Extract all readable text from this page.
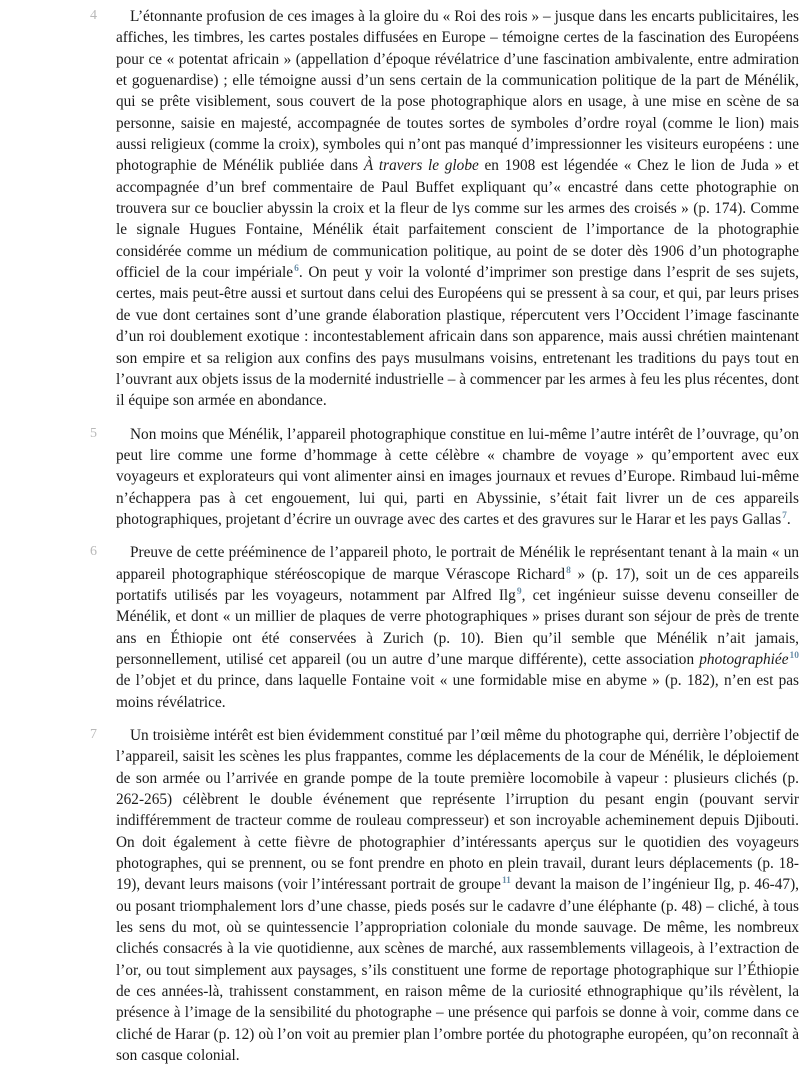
4	L’étonnante profusion de ces images à la gloire du « Roi des rois » – jusque dans les encarts publicitaires, les affiches, les timbres, les cartes postales diffusées en Europe – témoigne certes de la fascination des Européens pour ce « potentat africain » (appellation d’époque révélatrice d’une fascination ambivalente, entre admiration et goguenardise) ; elle témoigne aussi d’un sens certain de la communication politique de la part de Ménélik, qui se prête visiblement, sous couvert de la pose photographique alors en usage, à une mise en scène de sa personne, saisie en majesté, accompagnée de toutes sortes de symboles d’ordre royal (comme le lion) mais aussi religieux (comme la croix), symboles qui n’ont pas manqué d’impressionner les visiteurs européens : une photographie de Ménélik publiée dans À travers le globe en 1908 est légendée « Chez le lion de Juda » et accompagnée d’un bref commentaire de Paul Buffet expliquant qu’« encastré dans cette photographie on trouvera sur ce bouclier abyssin la croix et la fleur de lys comme sur les armes des croisés » (p. 174). Comme le signale Hugues Fontaine, Ménélik était parfaitement conscient de l’importance de la photographie considérée comme un médium de communication politique, au point de se doter dès 1906 d’un photographe officiel de la cour impériale$^6$. On peut y voir la volonté d’imprimer son prestige dans l’esprit de ses sujets, certes, mais peut-être aussi et surtout dans celui des Européens qui se pressent à sa cour, et qui, par leurs prises de vue dont certaines sont d’une grande élaboration plastique, répercutent vers l’Occident l’image fascinante d’un roi doublement exotique : incontestablement africain dans son apparence, mais aussi chrétien maintenant son empire et sa religion aux confins des pays musulmans voisins, entretenant les traditions du pays tout en l’ouvrant aux objets issus de la modernité industrielle – à commencer par les armes à feu les plus récentes, dont il équipe son armée en abondance.
5	Non moins que Ménélik, l’appareil photographique constitue en lui-même l’autre intérêt de l’ouvrage, qu’on peut lire comme une forme d’hommage à cette célèbre « chambre de voyage » qu’emportent avec eux voyageurs et explorateurs qui vont alimenter ainsi en images journaux et revues d’Europe. Rimbaud lui-même n’échappera pas à cet engouement, lui qui, parti en Abyssinie, s’était fait livrer un de ces appareils photographiques, projetant d’écrire un ouvrage avec des cartes et des gravures sur le Harar et les pays Gallas$^7$.
6	Preuve de cette prééminence de l’appareil photo, le portrait de Ménélik le représentant tenant à la main « un appareil photographique stéréoscopique de marque Vérascope Richard$^8$ » (p. 17), soit un de ces appareils portatifs utilisés par les voyageurs, notamment par Alfred Ilg$^9$, cet ingénieur suisse devenu conseiller de Ménélik, et dont « un millier de plaques de verre photographiques » prises durant son séjour de près de trente ans en Éthiopie ont été conservées à Zurich (p. 10). Bien qu’il semble que Ménélik n’ait jamais, personnellement, utilisé cet appareil (ou un autre d’une marque différente), cette association photographiée$^{10}$ de l’objet et du prince, dans laquelle Fontaine voit « une formidable mise en abyme » (p. 182), n’en est pas moins révélatrice.
7	Un troisième intérêt est bien évidemment constitué par l’œil même du photographe qui, derrière l’objectif de l’appareil, saisit les scènes les plus frappantes, comme les déplacements de la cour de Ménélik, le déploiement de son armée ou l’arrivée en grande pompe de la toute première locomobile à vapeur : plusieurs clichés (p. 262-265) célèbrent le double événement que représente l’irruption du pesant engin (pouvant servir indifféremment de tracteur comme de rouleau compresseur) et son incroyable acheminement depuis Djibouti. On doit également à cette fièvre de photographier d’intéressants aperçus sur le quotidien des voyageurs photographes, qui se prennent, ou se font prendre en photo en plein travail, durant leurs déplacements (p. 18-19), devant leurs maisons (voir l’intéressant portrait de groupe$^{11}$ devant la maison de l’ingénieur Ilg, p. 46-47), ou posant triomphalement lors d’une chasse, pieds posés sur le cadavre d’une éléphante (p. 48) – cliché, à tous les sens du mot, où se quintessencie l’appropriation coloniale du monde sauvage. De même, les nombreux clichés consacrés à la vie quotidienne, aux scènes de marché, aux rassemblements villageois, à l’extraction de l’or, ou tout simplement aux paysages, s’ils constituent une forme de reportage photographique sur l’Éthiopie de ces années-là, trahissent constamment, en raison même de la curiosité ethnographique qu’ils révèlent, la présence à l’image de la sensibilité du photographe – une présence qui parfois se donne à voir, comme dans ce cliché de Harar (p. 12) où l’on voit au premier plan l’ombre portée du photographe européen, qu’on reconnaît à son casque colonial.
